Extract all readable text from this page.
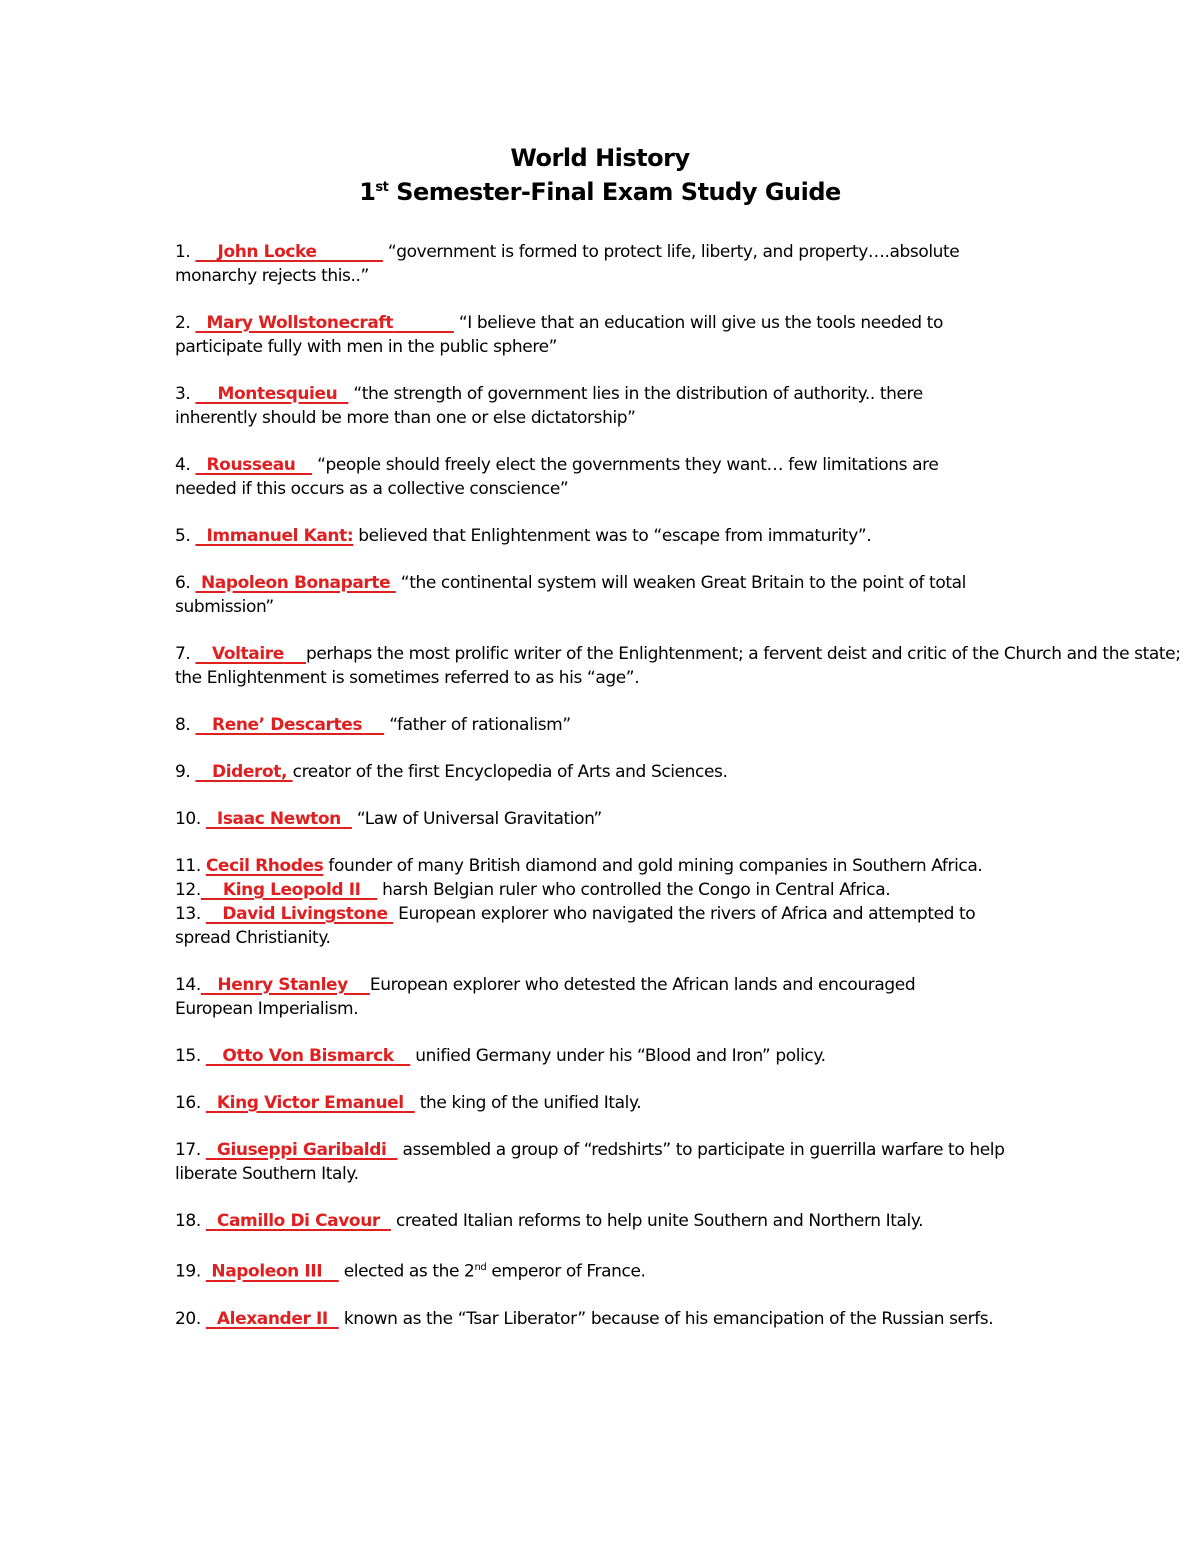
World History
1st Semester-Final Exam Study Guide

1. John Locke	“government is formed to protect life, liberty, and property….absolute monarchy rejects this..”

2. Mary Wollstonecraft	“I believe that an education will give us the tools needed to participate fully with men in the public sphere”

3. Montesquieu   “the strength of government lies in the distribution of authority.. there inherently should be more than one or else dictatorship”

4. Rousseau    “people should freely elect the governments they want… few limitations are needed if this occurs as a collective conscience”

5. Immanuel Kant: believed that Enlightenment was to “escape from immaturity”.

6. Napoleon Bonaparte  “the continental system will weaken Great Britain to the point of total submission”

7. Voltaire perhaps the most prolific writer of the Enlightenment; a fervent deist and critic of the Church and the state; the Enlightenment is sometimes referred to as his “age”.

8. Rene’ Descartes     “father of rationalism”

9. Diderot, creator of the first Encyclopedia of Arts and Sciences.

10. Isaac Newton   “Law of Universal Gravitation”

11. Cecil Rhodes founder of many British diamond and gold mining companies in Southern Africa.

12. King Leopold II    harsh Belgian ruler who controlled the Congo in Central Africa.

13. David Livingstone  European explorer who navigated the rivers of Africa and attempted to spread Christianity.

14. Henry Stanley European explorer who detested the African lands and encouraged European Imperialism.

15. Otto Von Bismarck    unified Germany under his “Blood and Iron” policy.

16. King Victor Emanuel   the king of the unified Italy.

17. Giuseppi Garibaldi   assembled a group of “redshirts” to participate in guerrilla warfare to help liberate Southern Italy.

18. Camillo Di Cavour   created Italian reforms to help unite Southern and Northern Italy.

19. Napoleon III    elected as the 2nd emperor of France.

20. Alexander II   known as the “Tsar Liberator” because of his emancipation of the Russian serfs.
